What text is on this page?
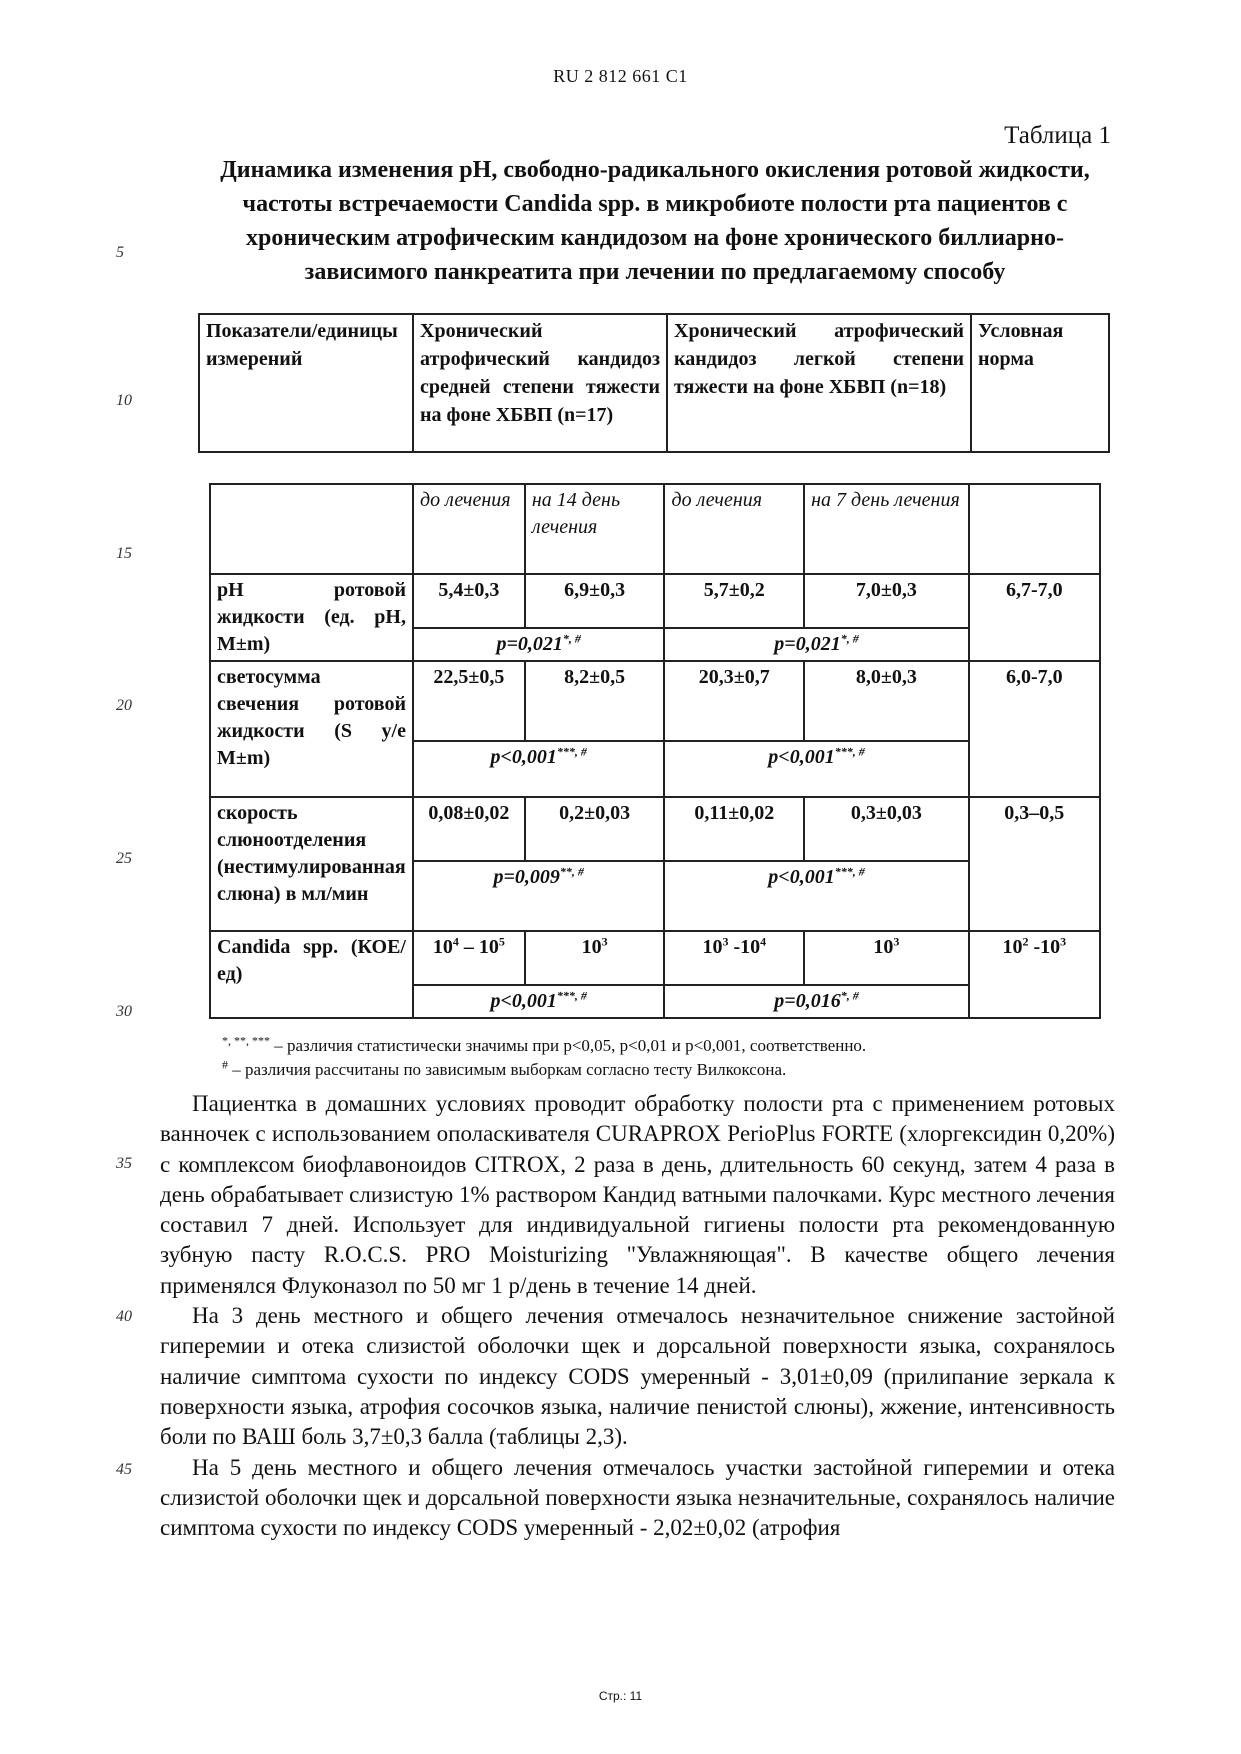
RU 2 812 661 C1
Таблица 1
Динамика изменения рН, свободно-радикального окисления ротовой жидкости, частоты встречаемости Candida spp. в микробиоте полости рта пациентов с хроническим атрофическим кандидозом на фоне хронического биллиарно-зависимого панкреатита при лечении по предлагаемому способу
5
10
15
20
25
30
35
40
45
Показатели/единицы измерений	Хронический атрофический кандидоз средней степени тяжести на фоне ХБВП (n=17)	Хронический атрофический кандидоз легкой степени тяжести на фоне ХБВП (n=18)	Условная норма
	до лечения	на 14 день лечения	до лечения	на 7 день лечения	
pH ротовой жидкости (ед. pH, M±m)	5,4±0,3	6,9±0,3	5,7±0,2	7,0±0,3	6,7-7,0
	p=0,021*, #		p=0,021*, #
светосумма свечения ротовой жидкости (S у/е M±m)	22,5±0,5	8,2±0,5	20,3±0,7	8,0±0,3	6,0-7,0
	p<0,001***, #		p<0,001***, #
скорость слюноотделения (нестимулированная слюна) в мл/мин	0,08±0,02	0,2±0,03	0,11±0,02	0,3±0,03	0,3–0,5
	p=0,009**, #		p<0,001***, #
Candida spp. (КОЕ/ед)	$10^4 - 10^5$	$10^3$	$10^3$ $-10^4$	$10^3$	$10^2$ $-10^3$
	p<0,001***, #		p=0,016*, #
*, **, *** – различия статистически значимы при p<0,05, p<0,01 и p<0,001, соответственно.
# – различия рассчитаны по зависимым выборкам согласно тесту Вилкоксона.

Пациентка в домашних условиях проводит обработку полости рта с применением ротовых ванночек с использованием ополаскивателя CURAPROX PerioPlus FORTE (хлоргексидин 0,20%) с комплексом биофлавоноидов CITROX, 2 раза в день, длительность 60 секунд, затем 4 раза в день обрабатывает слизистую 1% раствором Кандид ватными палочками. Курс местного лечения составил 7 дней. Использует для индивидуальной гигиены полости рта рекомендованную зубную пасту R.O.C.S. PRO Moisturizing "Увлажняющая". В качестве общего лечения применялся Флуконазол по 50 мг 1 р/день в течение 14 дней.

На 3 день местного и общего лечения отмечалось незначительное снижение застойной гиперемии и отека слизистой оболочки щек и дорсальной поверхности языка, сохранялось наличие симптома сухости по индексу CODS умеренный - 3,01±0,09 (прилипание зеркала к поверхности языка, атрофия сосочков языка, наличие пенистой слюны), жжение, интенсивность боли по ВАШ боль 3,7±0,3 балла (таблицы 2,3).

На 5 день местного и общего лечения отмечалось участки застойной гиперемии и отека слизистой оболочки щек и дорсальной поверхности языка незначительные, сохранялось наличие симптома сухости по индексу CODS умеренный - 2,02±0,02 (атрофия

Стр.: 11
